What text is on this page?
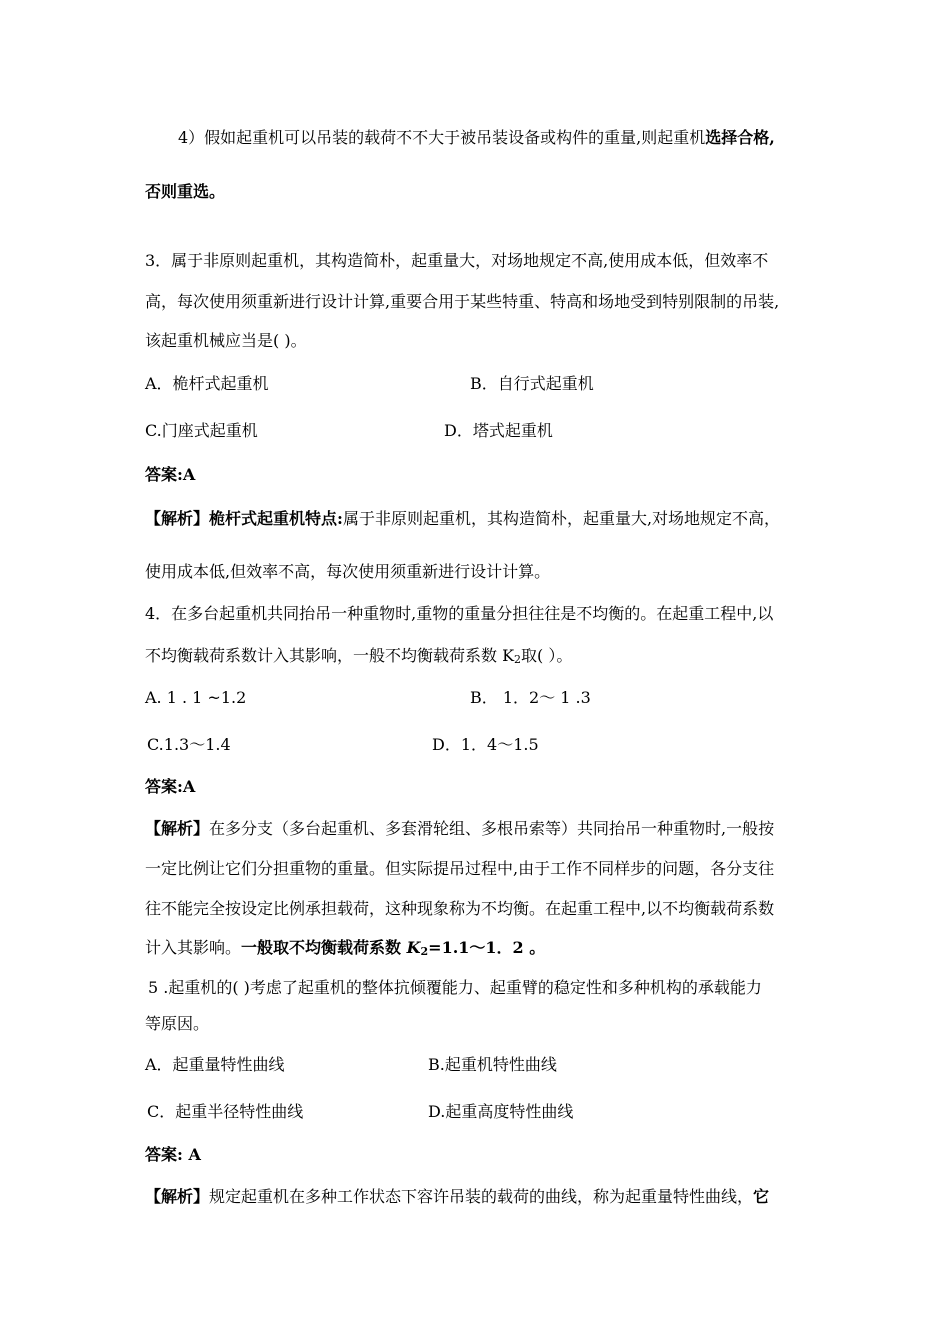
4）假如起重机可以吊装的载荷不不大于被吊装设备或构件的重量,则起重机选择合格,
否则重选。
3．属于非原则起重机，其构造简朴，起重量大，对场地规定不高,使用成本低，但效率不
高，每次使用须重新进行设计计算,重要合用于某些特重、特高和场地受到特别限制的吊装,
该起重机械应当是( )。
A．桅杆式起重机	B．自行式起重机
C.门座式起重机	D．塔式起重机
答案:A
【解析】桅杆式起重机特点:属于非原则起重机，其构造简朴，起重量大,对场地规定不高，
使用成本低,但效率不高，每次使用须重新进行设计计算。
4．在多台起重机共同抬吊一种重物时,重物的重量分担往往是不均衡的。在起重工程中,以
不均衡载荷系数计入其影响，一般不均衡载荷系数 $K_2$取( ）。
A. 1 . 1 ~1.2	B． 1．2～ 1 .3
C.1.3～1.4	D．1．4～1.5
答案:A
【解析】在多分支（多台起重机、多套滑轮组、多根吊索等）共同抬吊一种重物时,一般按
一定比例让它们分担重物的重量。但实际提吊过程中,由于工作不同样步的问题，各分支往
往不能完全按设定比例承担载荷，这种现象称为不均衡。在起重工程中,以不均衡载荷系数
计入其影响。一般取不均衡载荷系数 $K_2=1.1\sim 1$．2 。
5 .起重机的( )考虑了起重机的整体抗倾覆能力、起重臂的稳定性和多种机构的承载能力
等原因。
A．起重量特性曲线	B.起重机特性曲线
C．起重半径特性曲线	D.起重高度特性曲线
答案: A
【解析】规定起重机在多种工作状态下容许吊装的载荷的曲线，称为起重量特性曲线，它
